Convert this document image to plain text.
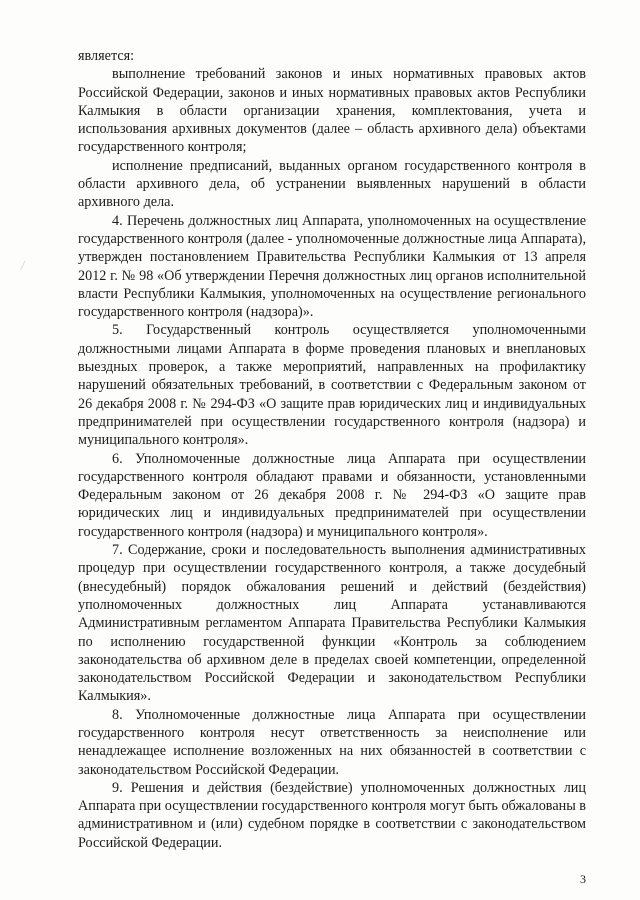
является:

выполнение требований законов и иных нормативных правовых актов Российской Федерации, законов и иных нормативных правовых актов Республики Калмыкия в области организации хранения, комплектования, учета и использования архивных документов (далее – область архивного дела) объектами государственного контроля;

исполнение предписаний, выданных органом государственного контроля в области архивного дела, об устранении выявленных нарушений в области архивного дела.

4. Перечень должностных лиц Аппарата, уполномоченных на осуществление государственного контроля (далее - уполномоченные должностные лица Аппарата), утвержден постановлением Правительства Республики Калмыкия от 13 апреля 2012 г. № 98 «Об утверждении Перечня должностных лиц органов исполнительной власти Республики Калмыкия, уполномоченных на осуществление регионального государственного контроля (надзора)».

5. Государственный контроль осуществляется уполномоченными должностными лицами Аппарата в форме проведения плановых и внеплановых выездных проверок, а также мероприятий, направленных на профилактику нарушений обязательных требований, в соответствии с Федеральным законом от 26 декабря 2008 г. № 294-ФЗ «О защите прав юридических лиц и индивидуальных предпринимателей при осуществлении государственного контроля (надзора) и муниципального контроля».

6. Уполномоченные должностные лица Аппарата при осуществлении государственного контроля обладают правами и обязанности, установленными Федеральным законом от 26 декабря 2008 г. № 294-ФЗ «О защите прав юридических лиц и индивидуальных предпринимателей при осуществлении государственного контроля (надзора) и муниципального контроля».

7. Содержание, сроки и последовательность выполнения административных процедур при осуществлении государственного контроля, а также досудебный (внесудебный) порядок обжалования решений и действий (бездействия) уполномоченных должностных лиц Аппарата устанавливаются Административным регламентом Аппарата Правительства Республики Калмыкия по исполнению государственной функции «Контроль за соблюдением законодательства об архивном деле в пределах своей компетенции, определенной законодательством Российской Федерации и законодательством Республики Калмыкия».

8. Уполномоченные должностные лица Аппарата при осуществлении государственного контроля несут ответственность за неисполнение или ненадлежащее исполнение возложенных на них обязанностей в соответствии с законодательством Российской Федерации.

9. Решения и действия (бездействие) уполномоченных должностных лиц Аппарата при осуществлении государственного контроля могут быть обжалованы в административном и (или) судебном порядке в соответствии с законодательством Российской Федерации.

3
